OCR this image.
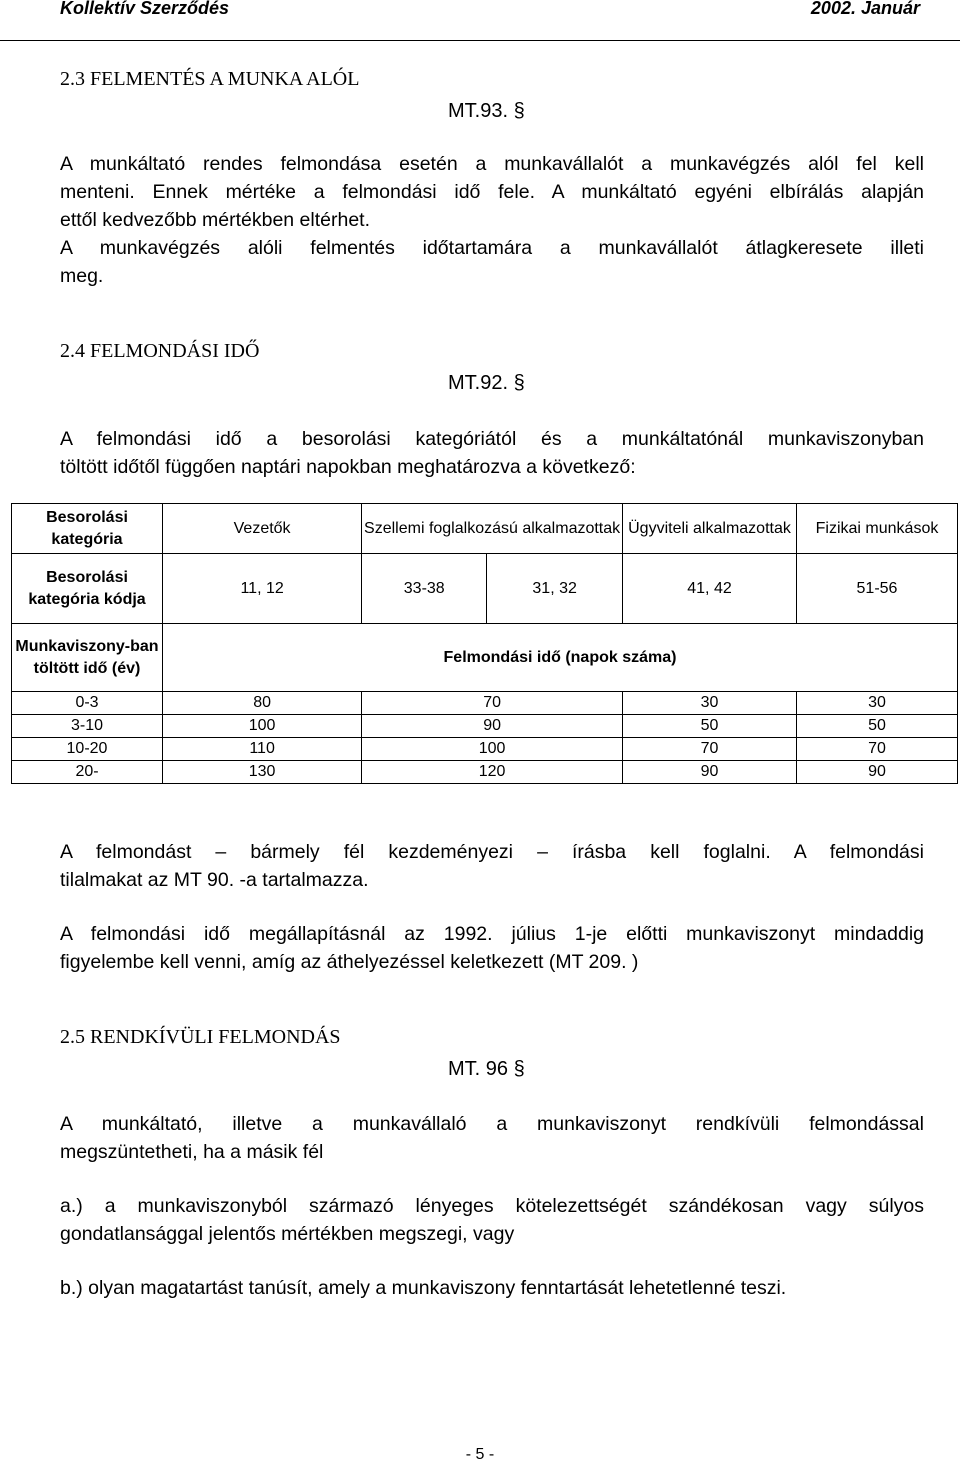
Kollektív Szerződés	2002. Január
2.3 FELMENTÉS A MUNKA ALÓL
MT.93. §
A munkáltató rendes felmondása esetén a munkavállalót a munkavégzés alól fel kell
menteni. Ennek mértéke a felmondási idő fele. A munkáltató egyéni elbírálás alapján
ettől kedvezőbb mértékben eltérhet.
A munkavégzés alóli felmentés időtartamára a munkavállalót átlagkeresete illeti
meg.
2.4 FELMONDÁSI IDŐ
MT.92. §
A felmondási idő a besorolási kategóriától és a munkáltatónál munkaviszonyban
töltött időtől függően naptári napokban meghatározva a következő:
Besorolási kategória	Vezetők	Szellemi foglalkozású alkalmazottak		Ügyviteli alkalmazottak	Fizikai munkások
Besorolási kategória kódja	11, 12	33-38	31, 32	41, 42	51-56
Munkaviszony-ban töltött idő (év)	Felmondási idő (napok száma)				
0-3	80	70		30	30
3-10	100	90		50	50
10-20	110	100		70	70
20-	130	120		90	90
A felmondást – bármely fél kezdeményezi – írásba kell foglalni. A felmondási
tilalmakat az MT 90. -a tartalmazza.
A felmondási idő megállapításnál az 1992. július 1-je előtti munkaviszonyt mindaddig
figyelembe kell venni, amíg az áthelyezéssel keletkezett (MT 209. )
2.5 RENDKÍVÜLI FELMONDÁS
MT. 96 §
A munkáltató, illetve a munkavállaló a munkaviszonyt rendkívüli felmondással
megszüntetheti, ha a másik fél
a.) a munkaviszonyból származó lényeges kötelezettségét szándékosan vagy súlyos
gondatlansággal jelentős mértékben megszegi, vagy
b.) olyan magatartást tanúsít, amely a munkaviszony fenntartását lehetetlenné teszi.
- 5 -
